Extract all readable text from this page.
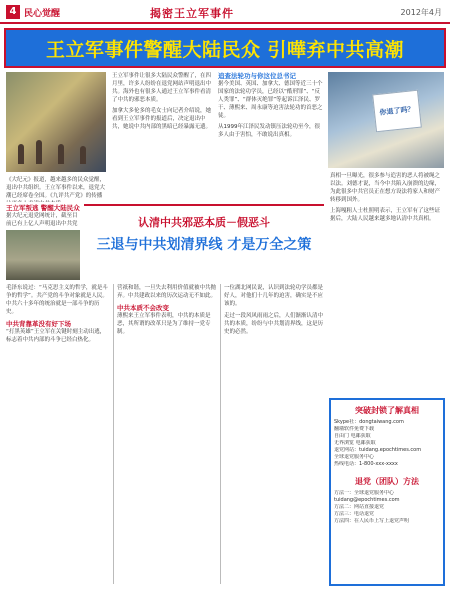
4 民心觉醒	揭密王立军事件	2012年4月
王立军事件警醒大陆民众 引嘩弃中共高潮
《大纪元》报道，越来越多的民众觉醒，退出中共组织。王立军事件以来，退党大潮已经席卷全国。《九评共产党》的传播
王立军事件让很多大陆民众警醒了，在四月里，许多人纷纷在退党网站声明退出中共。海外也有很多人通过王立军事件看清了中共的邪恶本质。
加拿大多伦多的毛女士向记者介绍说，她看到王立军事件的报道后，决定退出中共，她说中共内部的黑暗已经暴露无遗。
追查法轮功与你这位总书记
据今美国、英国、加拿大、德国等近三十个国家的法轮功学员，已经以“酷刑罪”、“反人类罪”、“群体灭绝罪”等起诉江泽民、罗干、薄熙来、周永康等迫害法轮功的首恶之徒。
从1999年江泽民发动镇压法轮功至今，很多人由于害怕，不敢说出真相。
你退了吗？
真相一旦曝光，很多参与追害的恶人将被绳之以法。刘德才说，当今中共陷入崩溃的边缘，为此很多中共官员正在想方设法将家人和财产转移到国外。
上海嘎粗人士杜照明表示，王立军有了这些证据后，大陆人民越来越多地认清中共真相。
王立军叛逃 警醒大陆民众
据大纪元退党网统计，截至目前已有上亿人声明退出中共党	认清中共邪恶本质－假恶斗
三退与中共划清界线 才是万全之策
毛泽东说过：“马克思主义的哲学，就是斗争的哲学”。共产党的斗争对象就是人民。中共六十多年的统治就是一部斗争的历史。
中共背靠革没有好下场
“打黑英雄”王立军在关键时刻主动出逃，标志着中共内部的斗争已经白热化。
营祇和谐，一旦失去利用价值就被中共抛弃。中共建政以来的历次运动无不如此。
中共本质不会改变
薄熙来王立军事件表明，中共的本质是恶，其所谓的改革只是为了维持一党专制。
一位湖北网民说，认识到法轮功学员都是好人，对他们十几年的迫害，确实是不应该的。
走过一段风风雨雨之后，人们渐渐认清中共的本质，纷纷与中共划清界线，这是历史的必然。
突破封锁了解真相
Skype社：dongtaiwang.com
翻墙软件免费下载
自由门 电邮获取
无界浏览 电邮获取
退党网站：tuidang.epochtimes.com
全球退党服务中心
热线电话：1-800-xxx-xxxx
退党（团队）方法
方法一：全球退党服务中心
tuidang@epochtimes.com
方法二：网站直接退党
方法三：电话退党
方法四：在人民币上写上退党声明
